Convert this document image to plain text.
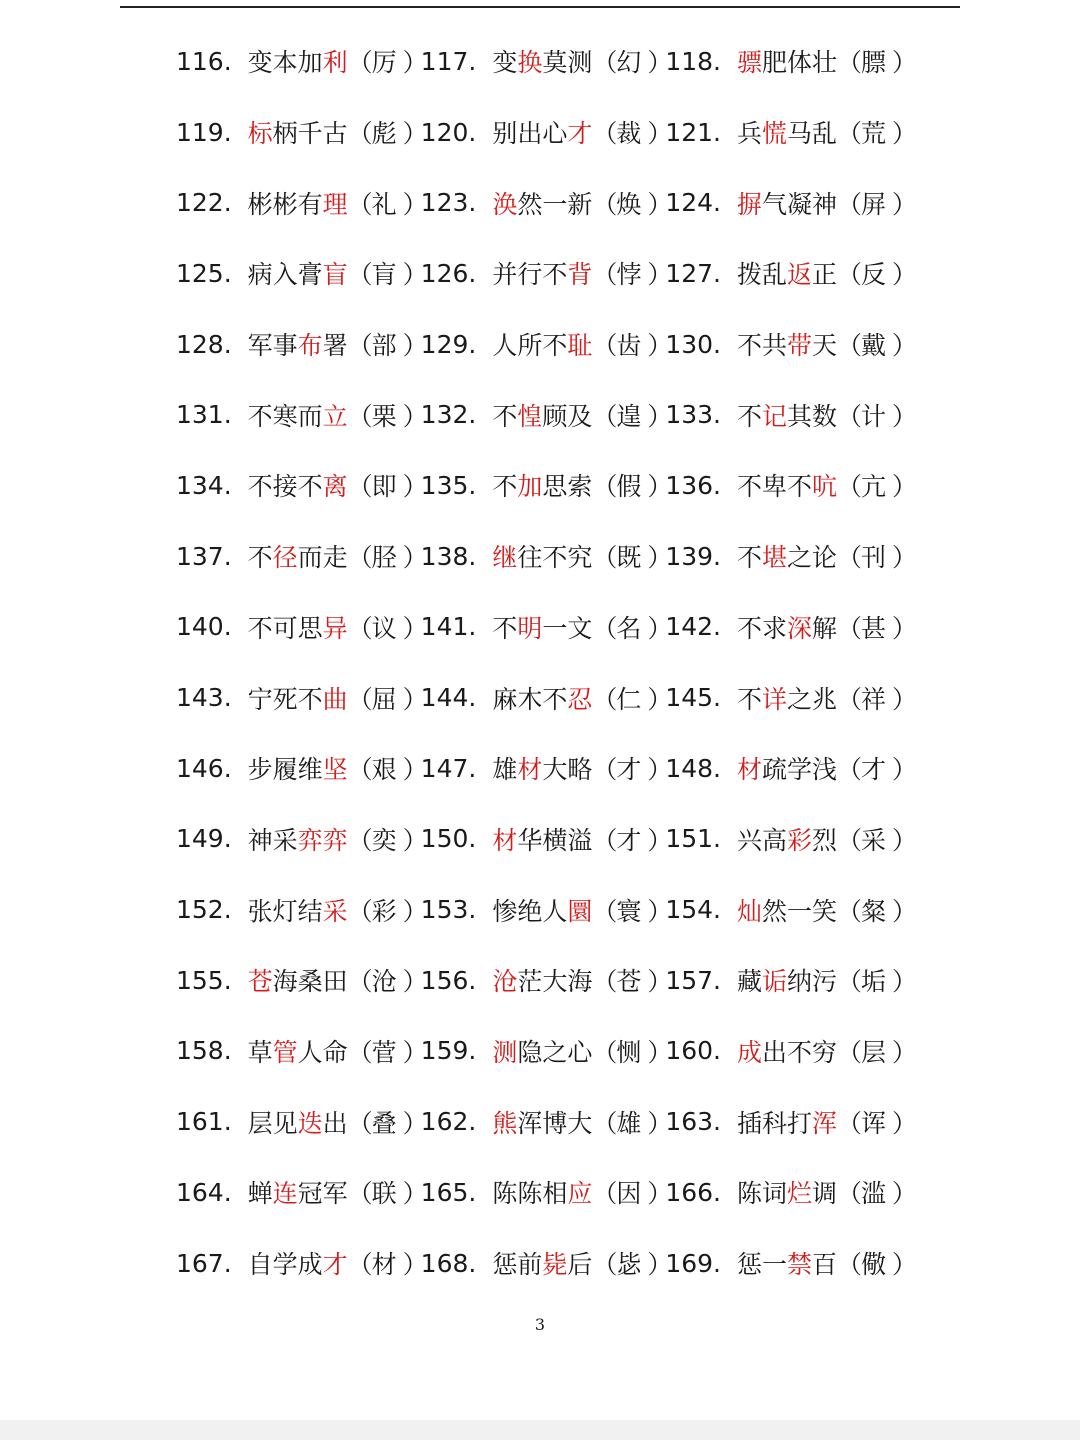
116. 变 本 加 利 （
厉 ）
117. 变 换 莫 测 （
幻 ）
118. 骠 肥 体 壮 （
膘 ）
119. 标 柄 千 古 （
彪 ）
120. 别 出 心 才 （
裁 ）
121. 兵 慌 马 乱 （
荒 ）
122. 彬 彬 有 理 （
礼 ）
123. 涣 然 一 新 （
焕 ）
124. 摒 气 凝 神 （
屏 ）
125. 病 入 膏 盲 （
肓 ）
126. 并 行 不 背 （
悖 ）
127. 拨 乱 返 正 （
反 ）
128. 军 事 布 署 （
部 ）
129. 人 所 不 耻 （
齿 ）
130. 不 共 带 天 （
戴 ）
131. 不 寒 而 立 （
栗 ）
132. 不 惶 顾 及 （
遑 ）
133. 不 记 其 数 （
计 ）
134. 不 接 不 离 （
即 ）
135. 不 加 思 索 （
假 ）
136. 不 卑 不 吭 （
亢 ）
137. 不 径 而 走 （
胫 ）
138. 继 往 不 究 （
既 ）
139. 不 堪 之 论 （
刊 ）
140. 不 可 思 异 （
议 ）
141. 不 明 一 文 （
名 ）
142. 不 求 深 解 （
甚 ）
143. 宁 死 不 曲 （
屈 ）
144. 麻 木 不 忍 （
仁 ）
145. 不 详 之 兆 （
祥 ）
146. 步 履 维 坚 （
艰 ）
147. 雄 材 大 略 （
才 ）
148. 材 疏 学 浅 （
才 ）
149. 神 采 弈 弈 （
奕 ）
150. 材 华 横 溢 （
才 ）
151. 兴 高 彩 烈 （
采 ）
152. 张 灯 结 采 （
彩 ）
153. 惨 绝 人 圜 （
寰 ）
154. 灿 然 一 笑 （
粲 ）
155. 苍 海 桑 田 （
沧 ）
156. 沧 茫 大 海 （
苍 ）
157. 藏 诟 纳 污 （
垢 ）
158. 草 管 人 命 （
菅 ）
159. 测 隐 之 心 （
恻 ）
160. 成 出 不 穷 （
层 ）
161. 层 见 迭 出 （
叠 ）
162. 熊 浑 博 大 （
雄 ）
163. 插 科 打 浑 （
诨 ）
164. 蝉 连 冠 军 （
联 ）
165. 陈 陈 相 应 （
因 ）
166. 陈 词 烂 调 （
滥 ）
167. 自 学 成 才 （
材 ）
168. 惩 前 毙 后 （
毖 ）
169. 惩 一 禁 百 （
儆 ）
3
